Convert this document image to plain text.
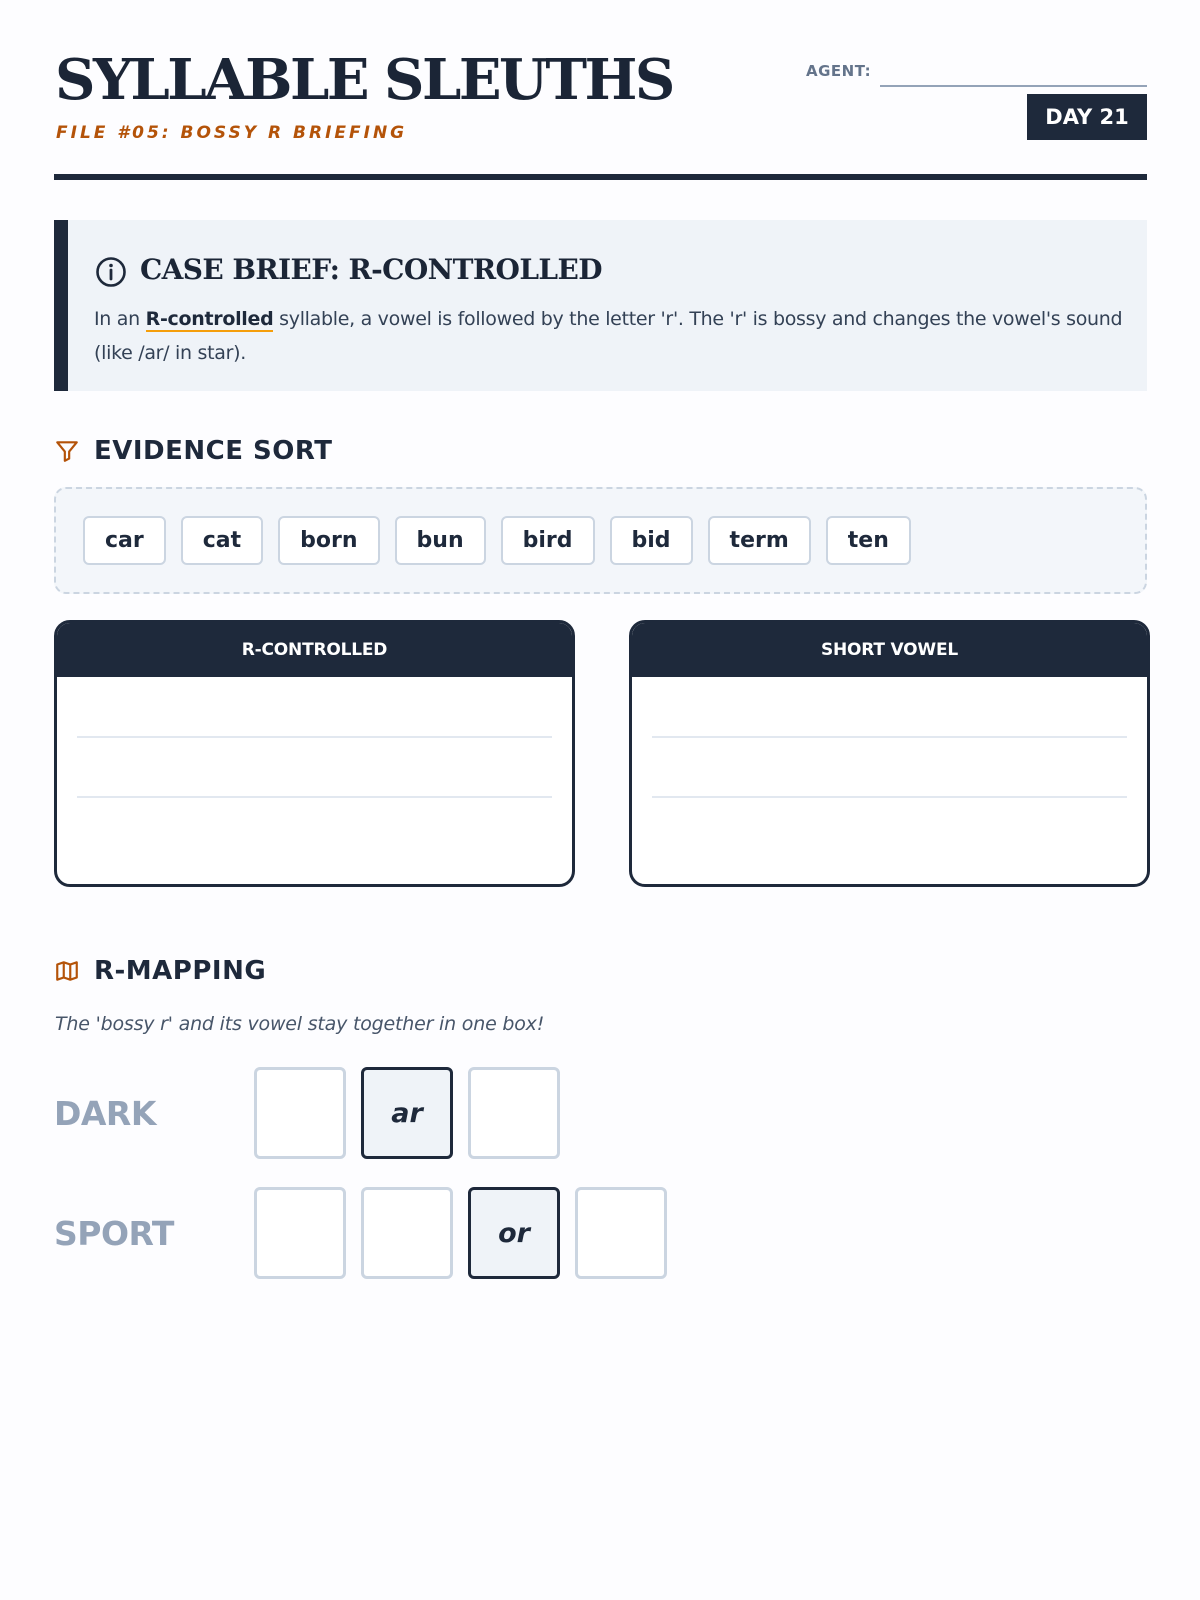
SYLLABLE SLEUTHS
FILE #05: BOSSY R BRIEFING
AGENT:
DAY 21
CASE BRIEF: R-CONTROLLED
In an R-controlled syllable, a vowel is followed by the letter 'r'. The 'r' is bossy and changes the vowel's sound (like /ar/ in star).
EVIDENCE SORT
car	cat	born	bun	bird	bid	term	ten
R-CONTROLLED	SHORT VOWEL
R-MAPPING
The 'bossy r' and its vowel stay together in one box!
DARK	ar
SPORT	or
